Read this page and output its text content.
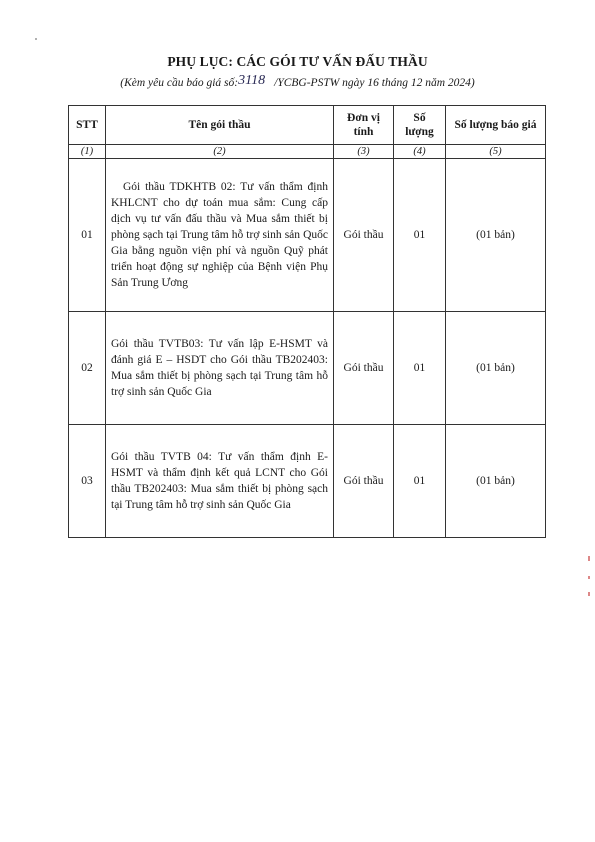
PHỤ LỤC: CÁC GÓI TƯ VẤN ĐẤU THẦU
(Kèm yêu cầu báo giá số:3118 /YCBG-PSTW ngày 16 tháng 12 năm 2024)
STT	Tên gói thầu	Đơn vị tính	Số lượng	Số lượng báo giá
(1)	(2)	(3)	(4)	(5)
01	Gói thầu TDKHTB 02: Tư vấn thẩm định KHLCNT cho dự toán mua sắm: Cung cấp dịch vụ tư vấn đấu thầu và Mua sắm thiết bị phòng sạch tại Trung tâm hỗ trợ sinh sản Quốc Gia bằng nguồn viện phí và nguồn Quỹ phát triển hoạt động sự nghiệp của Bệnh viện Phụ Sản Trung Ương	Gói thầu	01	(01 bản)
02	Gói thầu TVTB03: Tư vấn lập E-HSMT và đánh giá E – HSDT cho Gói thầu TB202403: Mua sắm thiết bị phòng sạch tại Trung tâm hỗ trợ sinh sản Quốc Gia	Gói thầu	01	(01 bản)
03	Gói thầu TVTB 04: Tư vấn thẩm định E-HSMT và thẩm định kết quả LCNT cho Gói thầu TB202403: Mua sắm thiết bị phòng sạch tại Trung tâm hỗ trợ sinh sản Quốc Gia	Gói thầu	01	(01 bản)
